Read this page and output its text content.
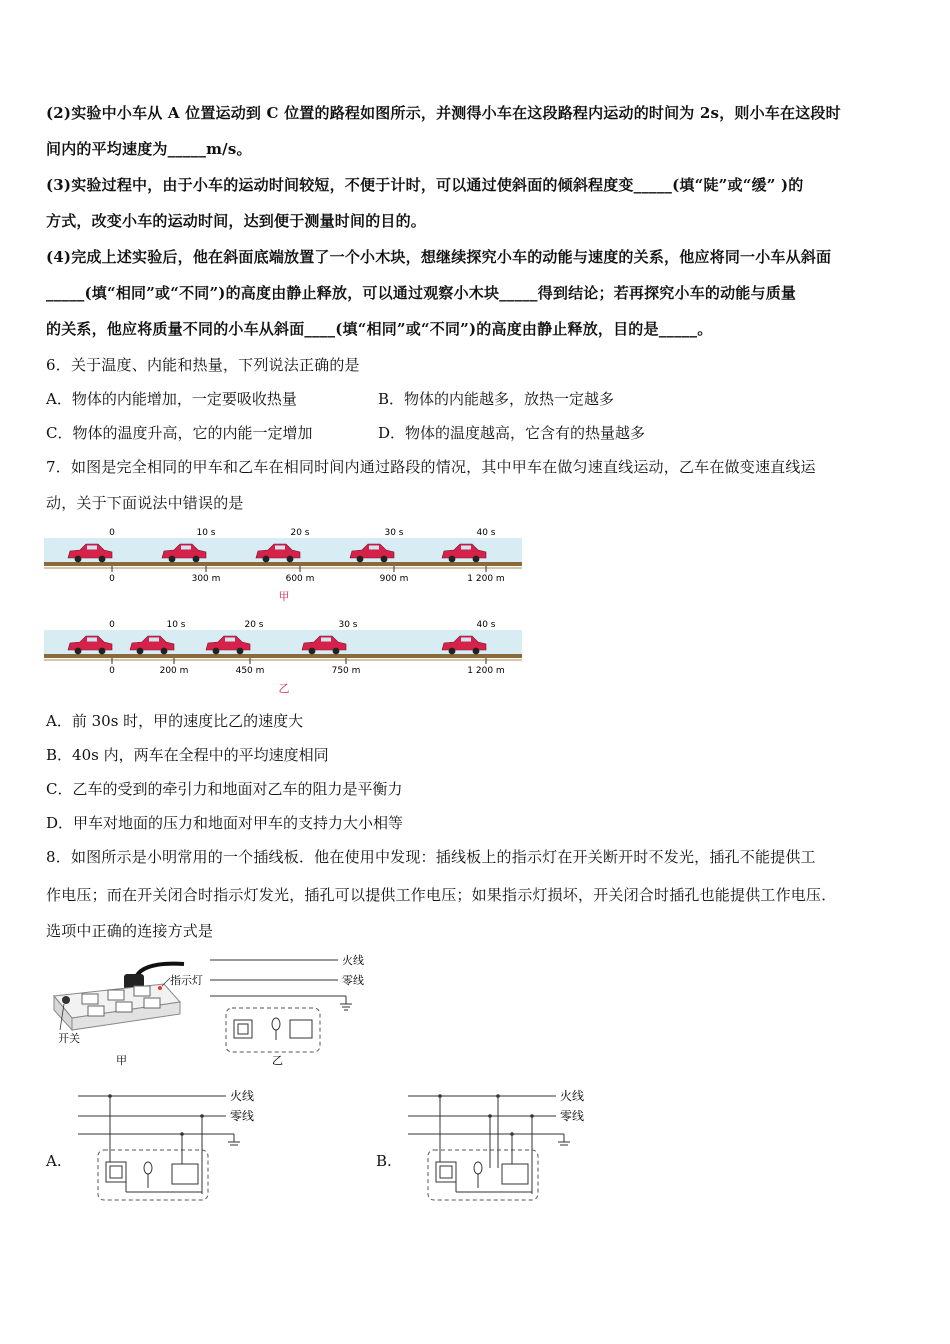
(2)实验中小车从 A 位置运动到 C 位置的路程如图所示，并测得小车在这段路程内运动的时间为 2s，则小车在这段时
间内的平均速度为_____m/s。
(3)实验过程中，由于小车的运动时间较短，不便于计时，可以通过使斜面的倾斜程度变_____(填“陡”或“缓” )的
方式，改变小车的运动时间，达到便于测量时间的目的。
(4)完成上述实验后，他在斜面底端放置了一个小木块，想继续探究小车的动能与速度的关系，他应将同一小车从斜面
_____(填“相同”或“不同”)的高度由静止释放，可以通过观察小木块_____得到结论；若再探究小车的动能与质量
的关系，他应将质量不同的小车从斜面____(填“相同”或“不同”)的高度由静止释放，目的是_____。
6．关于温度、内能和热量，下列说法正确的是
A．物体的内能增加，一定要吸收热量	B．物体的内能越多，放热一定越多
C．物体的温度升高，它的内能一定增加	D．物体的温度越高，它含有的热量越多
7．如图是完全相同的甲车和乙车在相同时间内通过路段的情况，其中甲车在做匀速直线运动，乙车在做变速直线运
动，关于下面说法中错误的是
0	10 s	20 s	30 s	40 s
0	300 m	600 m	900 m	1 200 m
甲
0	10 s	20 s	30 s	40 s
0	200 m	450 m	750 m	1 200 m
乙
A．前 30s 时，甲的速度比乙的速度大
B．40s 内，两车在全程中的平均速度相同
C．乙车的受到的牵引力和地面对乙车的阻力是平衡力
D．甲车对地面的压力和地面对甲车的支持力大小相等
8．如图所示是小明常用的一个插线板．他在使用中发现：插线板上的指示灯在开关断开时不发光，插孔不能提供工
作电压；而在开关闭合时指示灯发光，插孔可以提供工作电压；如果指示灯损坏，开关闭合时插孔也能提供工作电压．
选项中正确的连接方式是
指示灯
开关
甲
火线
零线
乙
A.
火线
零线
B.
火线
零线
